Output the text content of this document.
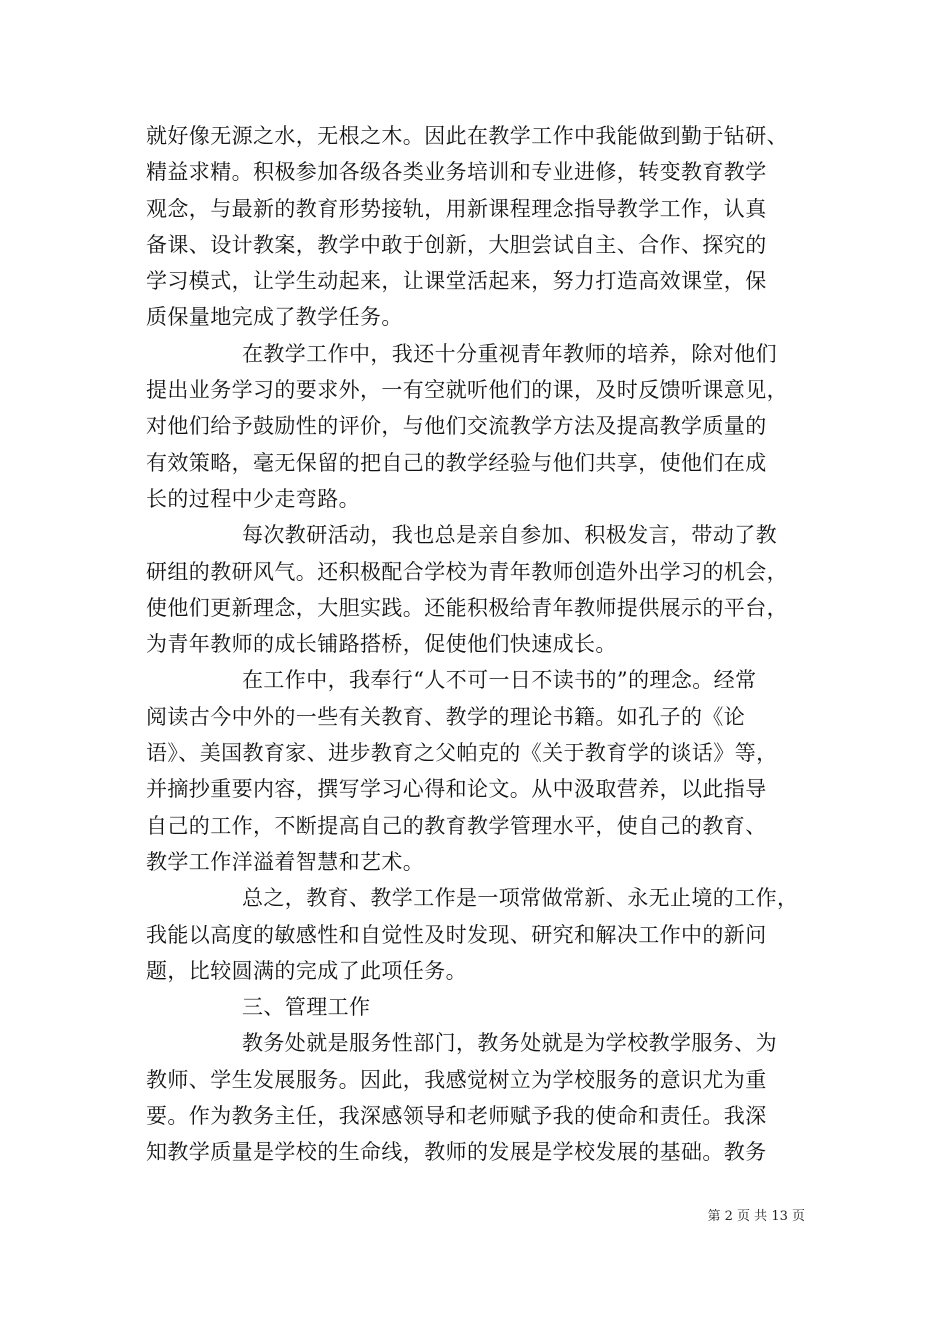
就好像无源之水，无根之木。因此在教学工作中我能做到勤于钻研、
精益求精。积极参加各级各类业务培训和专业进修，转变教育教学
观念，与最新的教育形势接轨，用新课程理念指导教学工作，认真
备课、设计教案，教学中敢于创新，大胆尝试自主、合作、探究的
学习模式，让学生动起来，让课堂活起来，努力打造高效课堂，保
质保量地完成了教学任务。
在教学工作中，我还十分重视青年教师的培养，除对他们
提出业务学习的要求外，一有空就听他们的课，及时反馈听课意见，
对他们给予鼓励性的评价，与他们交流教学方法及提高教学质量的
有效策略，毫无保留的把自己的教学经验与他们共享，使他们在成
长的过程中少走弯路。
每次教研活动，我也总是亲自参加、积极发言，带动了教
研组的教研风气。还积极配合学校为青年教师创造外出学习的机会，
使他们更新理念，大胆实践。还能积极给青年教师提供展示的平台，
为青年教师的成长铺路搭桥，促使他们快速成长。
在工作中，我奉行“人不可一日不读书的”的理念。经常
阅读古今中外的一些有关教育、教学的理论书籍。如孔子的《论
语》、美国教育家、进步教育之父帕克的《关于教育学的谈话》等，
并摘抄重要内容，撰写学习心得和论文。从中汲取营养，以此指导
自己的工作，不断提高自己的教育教学管理水平，使自己的教育、
教学工作洋溢着智慧和艺术。
总之，教育、教学工作是一项常做常新、永无止境的工作，
我能以高度的敏感性和自觉性及时发现、研究和解决工作中的新问
题，比较圆满的完成了此项任务。
三、管理工作
教务处就是服务性部门，教务处就是为学校教学服务、为
教师、学生发展服务。因此，我感觉树立为学校服务的意识尤为重
要。作为教务主任，我深感领导和老师赋予我的使命和责任。我深
知教学质量是学校的生命线，教师的发展是学校发展的基础。教务
第 2 页 共 13 页
